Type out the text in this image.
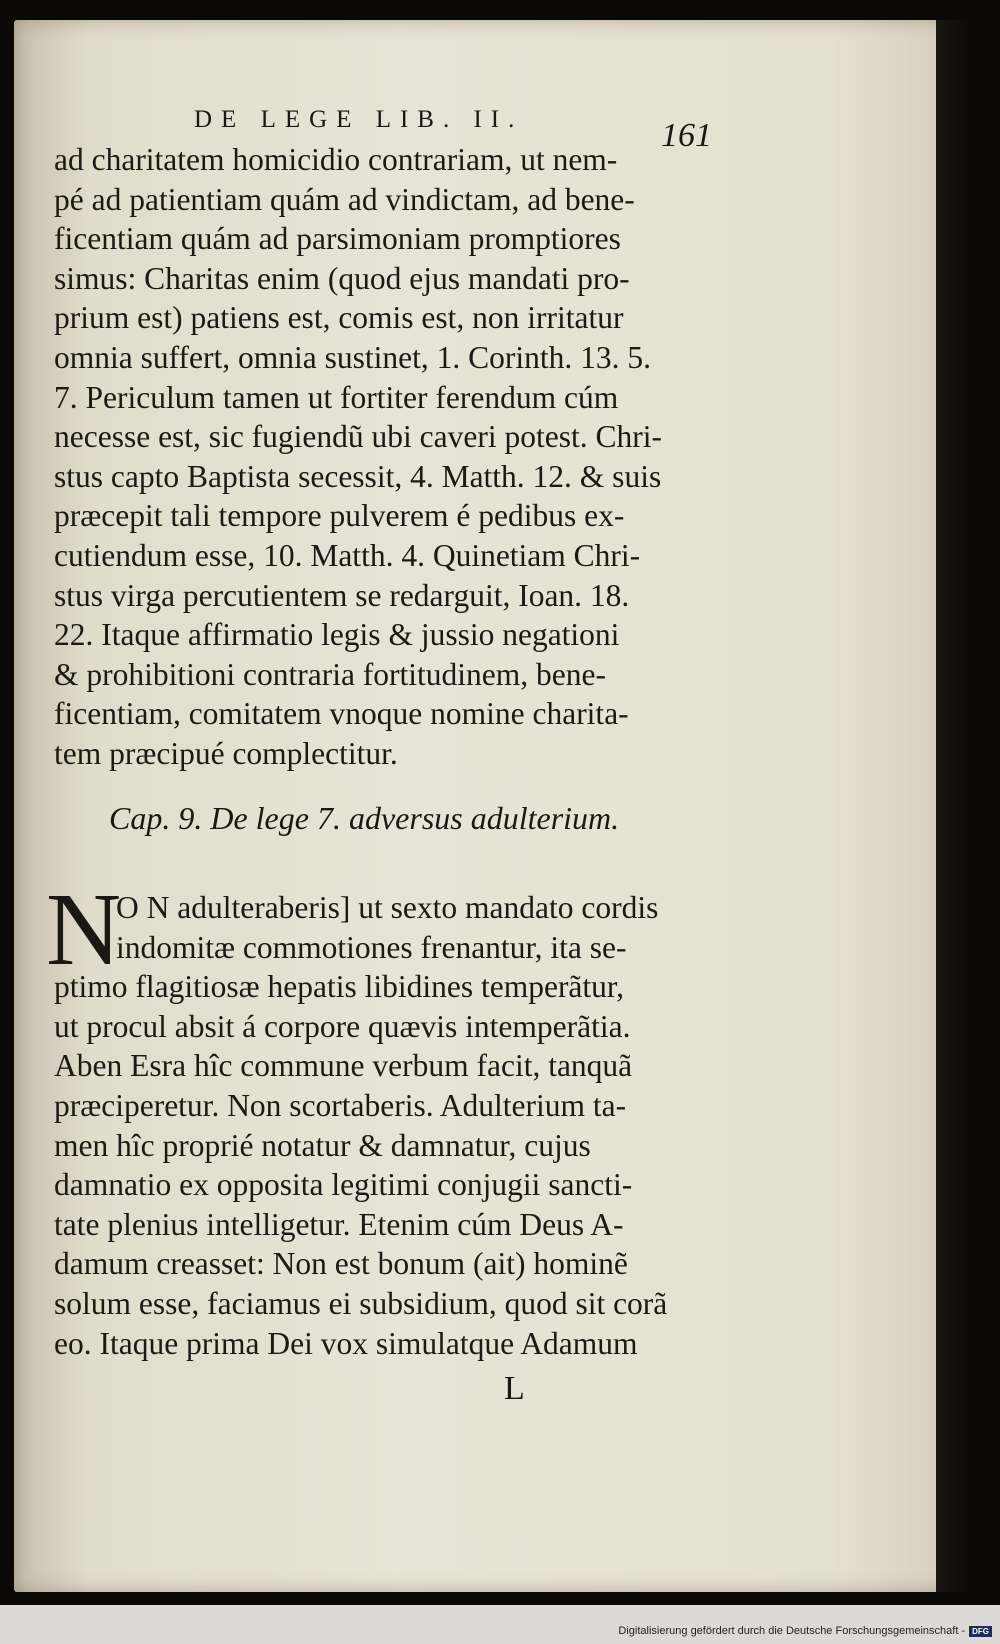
DE LEGE LIB. II.	161
ad charitatem homicidio contrariam, ut nem-
pé ad patientiam quám ad vindictam, ad bene-
ficentiam quám ad parsimoniam promptiores
simus: Charitas enim (quod ejus mandati pro-
prium est) patiens est, comis est, non irritatur
omnia suffert, omnia sustinet, 1. Corinth. 13. 5.
7. Periculum tamen ut fortiter ferendum cúm
necesse est, sic fugiendũ ubi caveri potest. Chri-
stus capto Baptista secessit, 4. Matth. 12. & suis
præcepit tali tempore pulverem é pedibus ex-
cutiendum esse, 10. Matth. 4. Quinetiam Chri-
stus virga percutientem se redarguit, Ioan. 18.
22. Itaque affirmatio legis & jussio negationi
& prohibitioni contraria fortitudinem, bene-
ficentiam, comitatem vnoque nomine charita-
tem præcipué complectitur.
Cap. 9. De lege 7. adversus adulterium.
N
O N adulteraberis] ut sexto mandato cordis
indomitæ commotiones frenantur, ita se-
ptimo flagitiosæ hepatis libidines temperãtur,
ut procul absit á corpore quævis intemperãtia.
Aben Esra hîc commune verbum facit, tanquã
præciperetur. Non scortaberis. Adulterium ta-
men hîc proprié notatur & damnatur, cujus
damnatio ex opposita legitimi conjugii sancti-
tate plenius intelligetur. Etenim cúm Deus A-
damum creasset: Non est bonum (ait) hominẽ
solum esse, faciamus ei subsidium, quod sit corã
eo. Itaque prima Dei vox simulatque Adamum
L
Digitalisierung gefördert durch die Deutsche Forschungsgemeinschaft - DFG
